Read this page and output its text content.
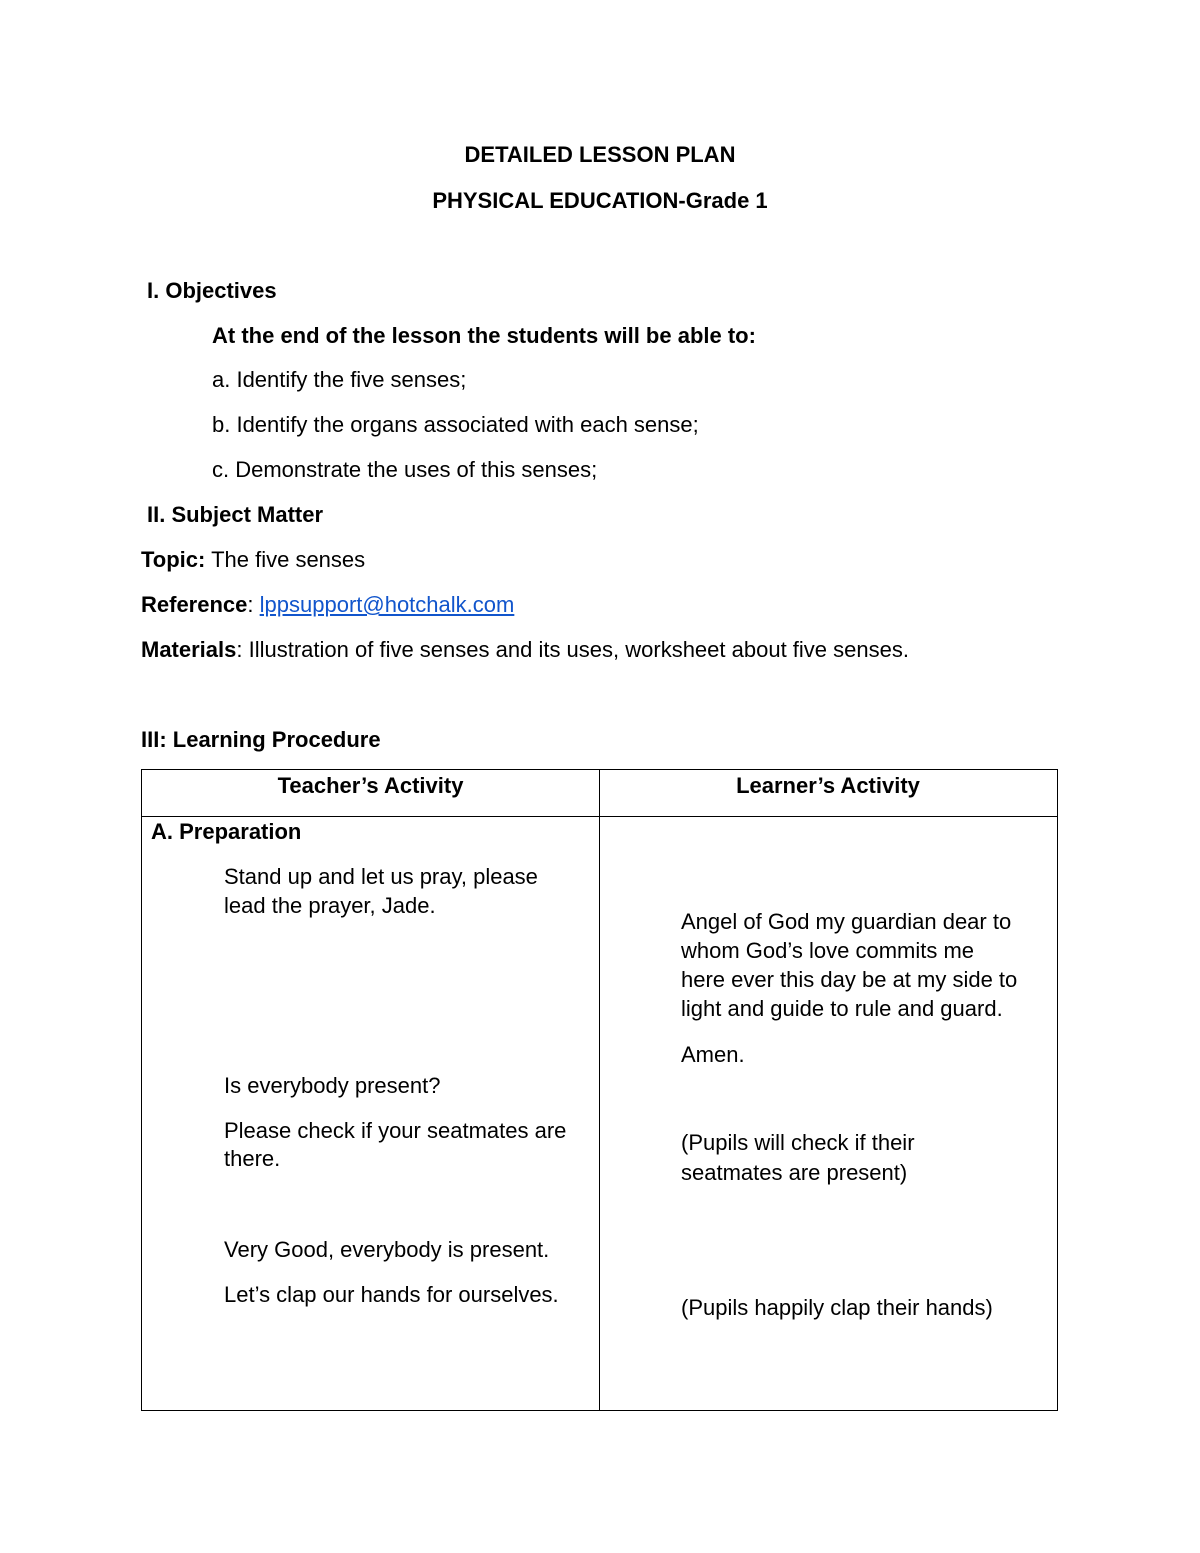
DETAILED LESSON PLAN
PHYSICAL EDUCATION-Grade 1
I. Objectives
At the end of the lesson the students will be able to:
a. Identify the five senses;
b. Identify the organs associated with each sense;
c. Demonstrate the uses of this senses;
II. Subject Matter
Topic: The five senses
Reference: lppsupport@hotchalk.com
Materials: Illustration of five senses and its uses, worksheet about five senses.
III: Learning Procedure
Teacher’s Activity	Learner’s Activity
A. Preparation
Stand up and let us pray, please
lead the prayer, Jade.
Is everybody present?
Please check if your seatmates are
there.
Very Good, everybody is present.
Let’s clap our hands for ourselves.
Angel of God my guardian dear to
whom God’s love commits me
here ever this day be at my side to
light and guide to rule and guard.
Amen.
(Pupils will check if their
seatmates are present)
(Pupils happily clap their hands)
